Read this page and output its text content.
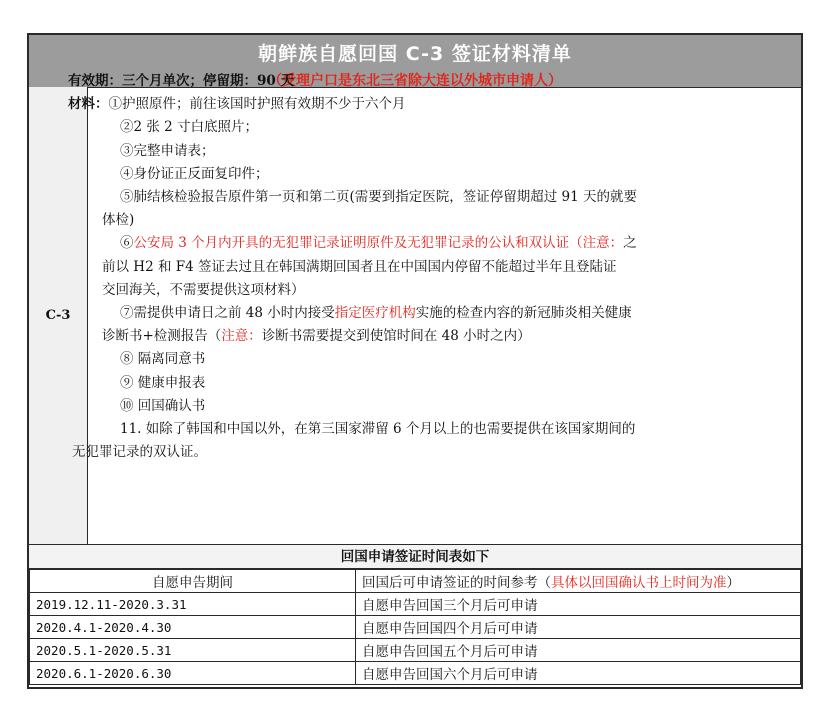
朝鲜族自愿回国 C-3 签证材料清单
（受理户口是东北三省除大连以外城市申请人）
C-3
回国申请签证时间表如下
自愿申告期间	回国后可申请签证的时间参考（具体以回国确认书上时间为准）
2019.12.11-2020.3.31	自愿申告回国三个月后可申请
2020.4.1-2020.4.30	自愿申告回国四个月后可申请
2020.5.1-2020.5.31	自愿申告回国五个月后可申请
2020.6.1-2020.6.30	自愿申告回国六个月后可申请
有效期：三个月单次；停留期：90 天
材料：①护照原件；前往该国时护照有效期不少于六个月
②2 张 2 寸白底照片；
③完整申请表；
④身份证正反面复印件；
⑤肺结核检验报告原件第一页和第二页(需要到指定医院，签证停留期超过 91 天的就要
体检)
⑥公安局 3 个月内开具的无犯罪记录证明原件及无犯罪记录的公认和双认证（注意：之
前以 H2 和 F4 签证去过且在韩国满期回国者且在中国国内停留不能超过半年且登陆证
交回海关，不需要提供这项材料）
⑦需提供申请日之前 48 小时内接受指定医疗机构实施的检查内容的新冠肺炎相关健康
诊断书+检测报告（注意：诊断书需要提交到使馆时间在 48 小时之内）
⑧ 隔离同意书
⑨ 健康申报表
⑩ 回国确认书
11. 如除了韩国和中国以外，在第三国家滞留 6 个月以上的也需要提供在该国家期间的
无犯罪记录的双认证。
